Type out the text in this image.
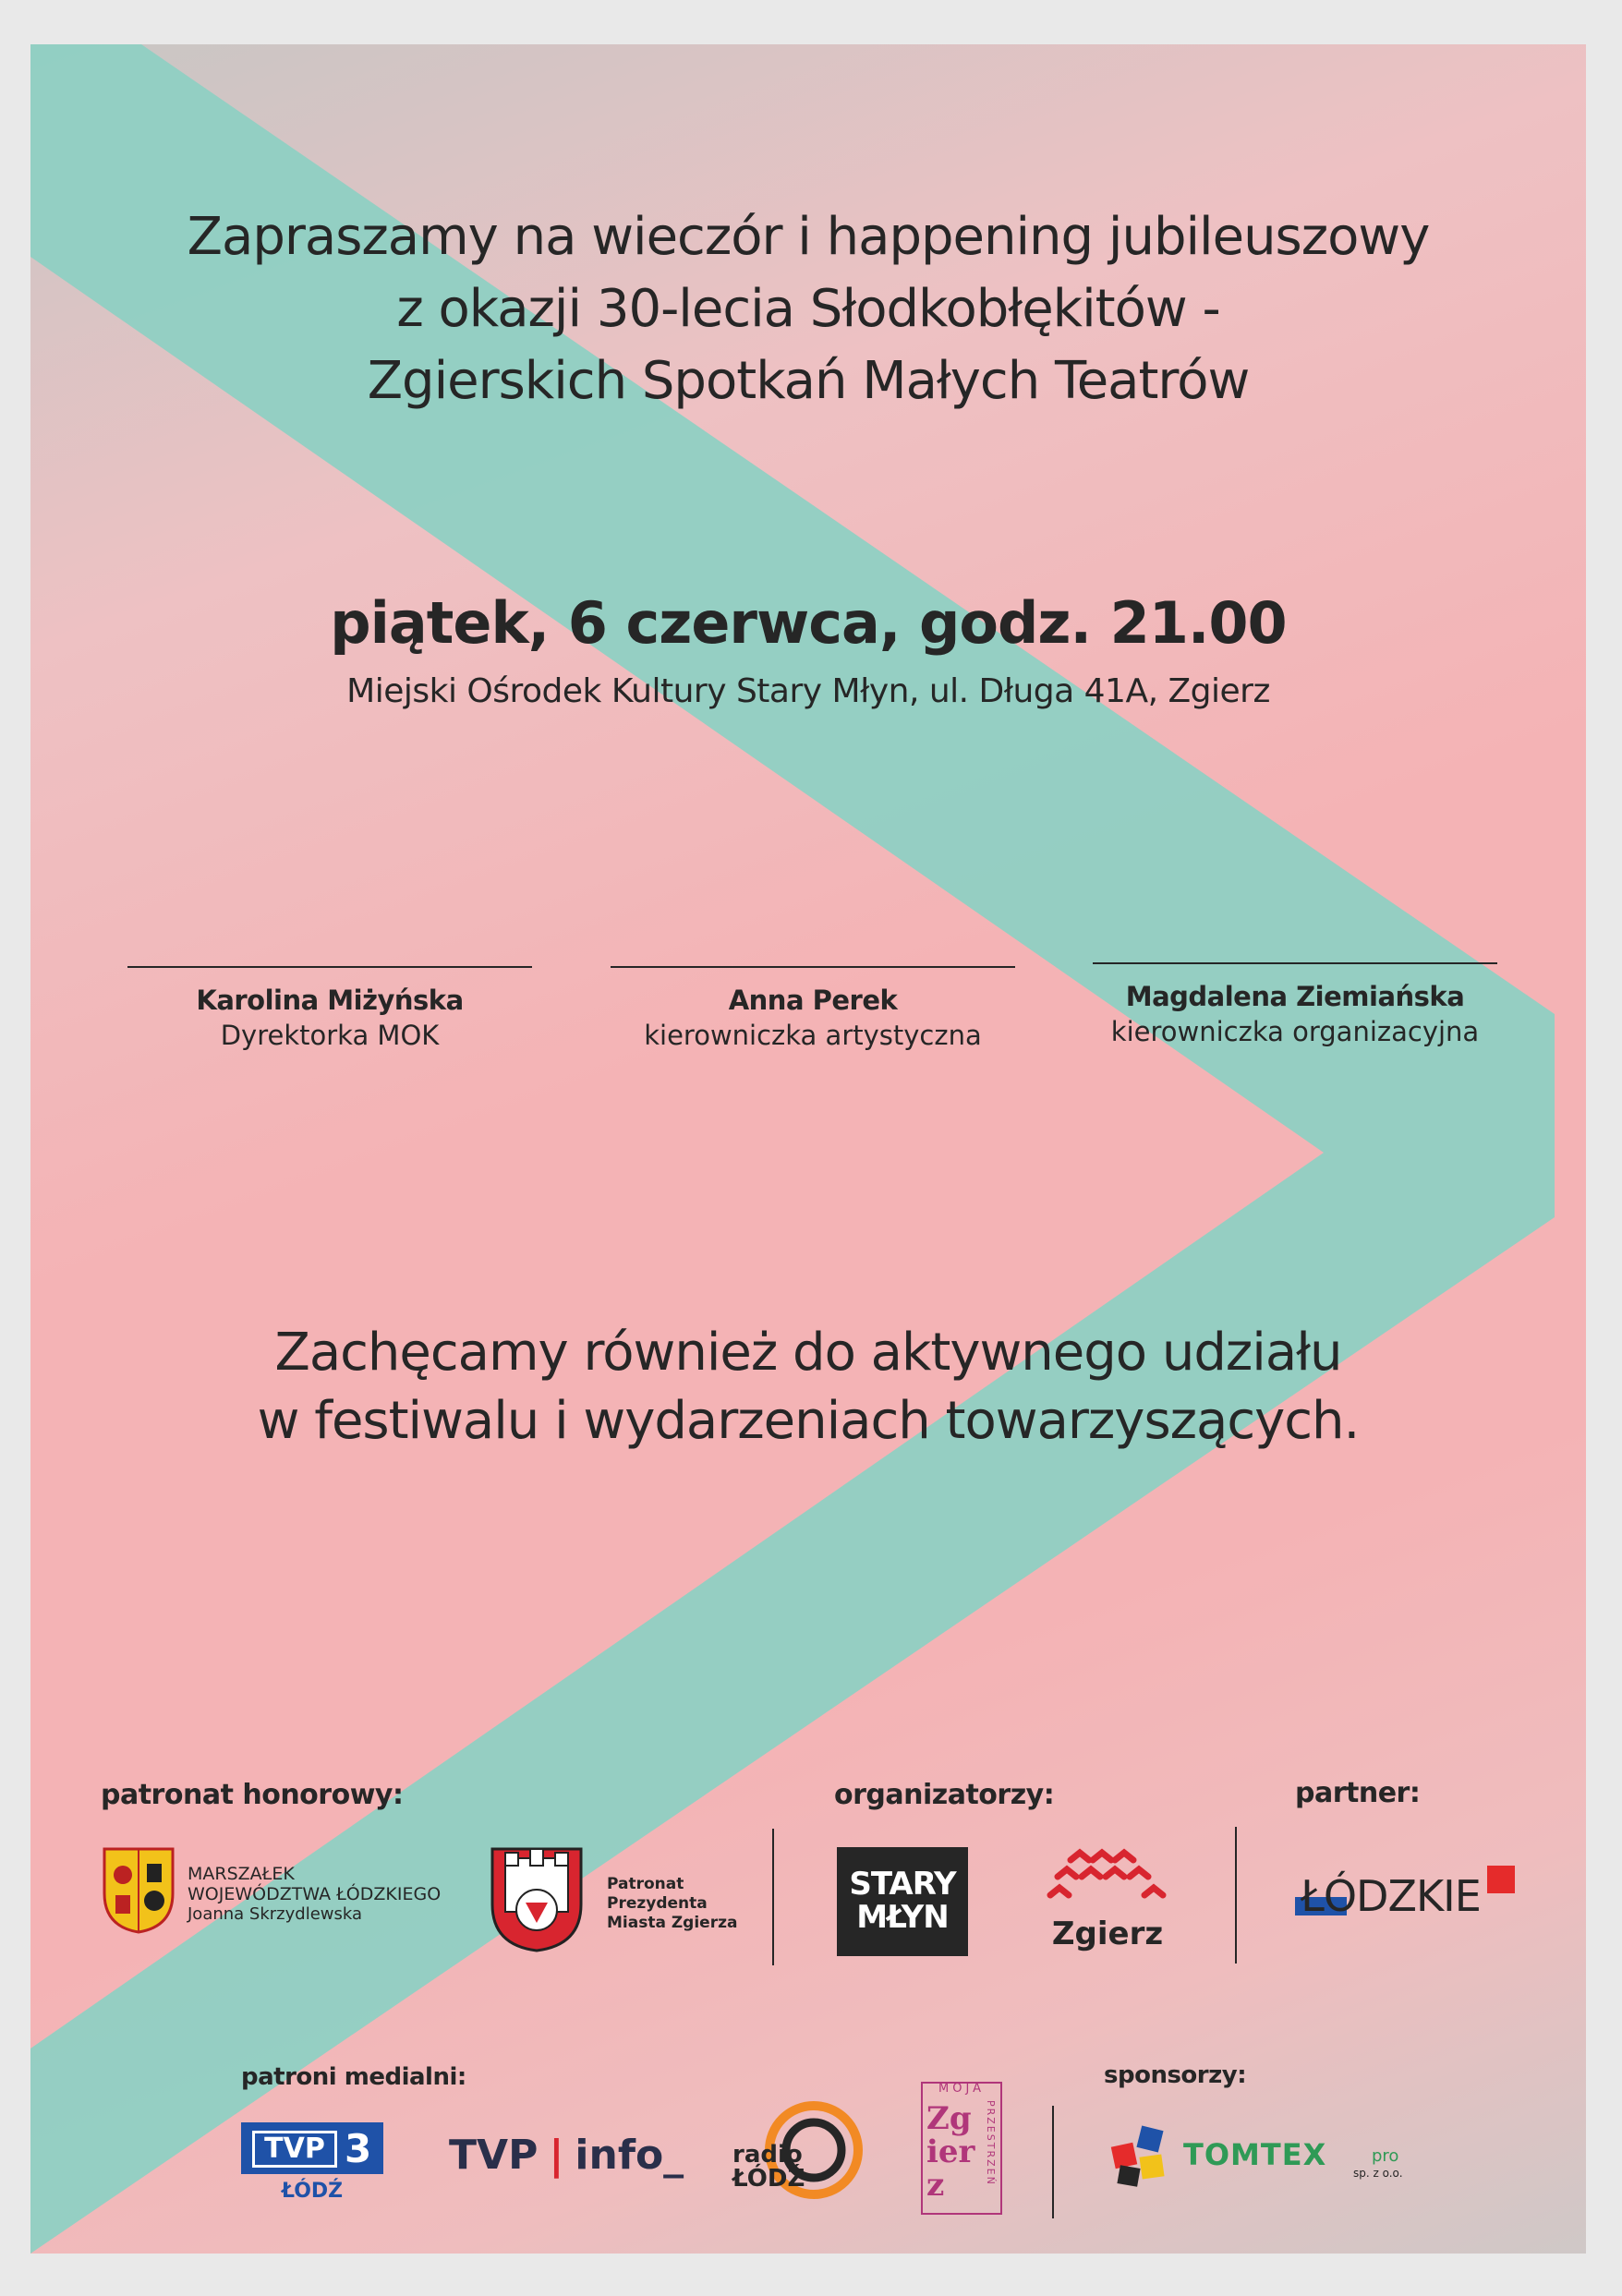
Zapraszamy na wieczór i happening jubileuszowy
z okazji 30-lecia Słodkobłękitów -
Zgierskich Spotkań Małych Teatrów
piątek, 6 czerwca, godz. 21.00
Miejski Ośrodek Kultury Stary Młyn, ul. Długa 41A, Zgierz
Karolina Miżyńska
Dyrektorka MOK
Anna Perek
kierowniczka artystyczna
Magdalena Ziemiańska
kierowniczka organizacyjna
Zachęcamy również do aktywnego udziału
w festiwalu i wydarzeniach towarzyszących.
patronat honorowy:	organizatorzy:	partner:
patroni medialni:	sponsorzy:
MARSZAŁEK
WOJEWÓDZTWA ŁÓDZKIEGO
Joanna Skrzydlewska
Patronat
Prezydenta
Miasta Zgierza
STARY
MŁYN	Zgierz
ŁÓDZKIE
TVP 3
ŁÓDŹ
TVP | info_ radio
ŁÓDŹ
MOJA
Zgierz	PRZESTRZEŃ	TOMTEX	pro
sp. z o.o.
